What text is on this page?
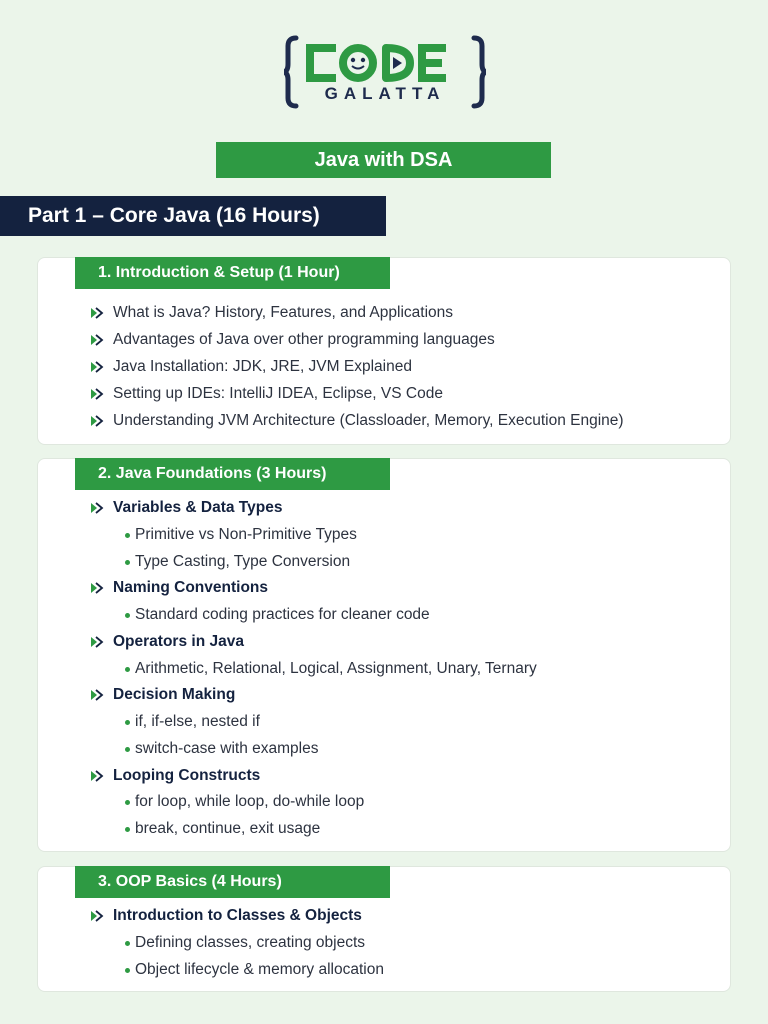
GALATTA
Java with DSA
Part 1 – Core Java (16 Hours)
1. Introduction & Setup (1 Hour)
What is Java? History, Features, and Applications
Advantages of Java over other programming languages
Java Installation: JDK, JRE, JVM Explained
Setting up IDEs: IntelliJ IDEA, Eclipse, VS Code
Understanding JVM Architecture (Classloader, Memory, Execution Engine)
2. Java Foundations (3 Hours)
Variables & Data Types
Primitive vs Non-Primitive Types
Type Casting, Type Conversion
Naming Conventions
Standard coding practices for cleaner code
Operators in Java
Arithmetic, Relational, Logical, Assignment, Unary, Ternary
Decision Making
if, if-else, nested if
switch-case with examples
Looping Constructs
for loop, while loop, do-while loop
break, continue, exit usage
3. OOP Basics (4 Hours)
Introduction to Classes & Objects
Defining classes, creating objects
Object lifecycle & memory allocation
